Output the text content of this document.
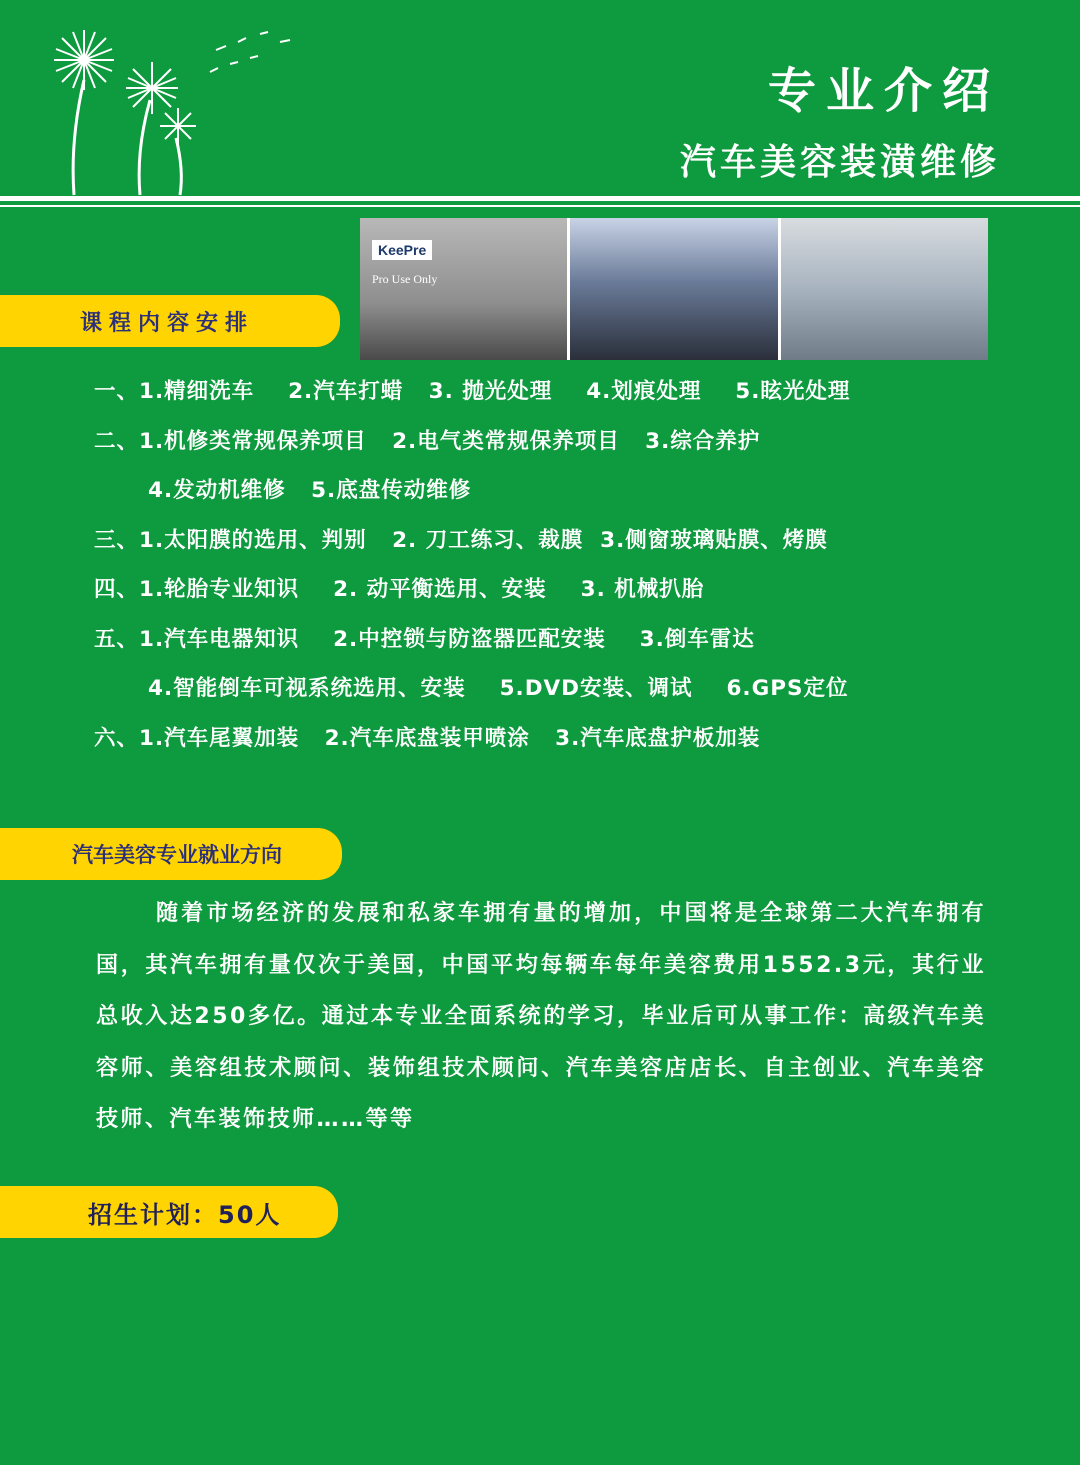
专业介绍
汽车美容装潢维修
KeePre
Pro Use Only
课程内容安排
一、1.精细洗车    2.汽车打蜡   3. 抛光处理    4.划痕处理    5.眩光处理
二、1.机修类常规保养项目   2.电气类常规保养项目   3.综合养护
4.发动机维修   5.底盘传动维修
三、1.太阳膜的选用、判别   2. 刀工练习、裁膜  3.侧窗玻璃贴膜、烤膜
四、1.轮胎专业知识    2. 动平衡选用、安装    3. 机械扒胎
五、1.汽车电器知识    2.中控锁与防盗器匹配安装    3.倒车雷达
4.智能倒车可视系统选用、安装    5.DVD安装、调试    6.GPS定位
六、1.汽车尾翼加装   2.汽车底盘装甲喷涂   3.汽车底盘护板加装
汽车美容专业就业方向
随着市场经济的发展和私家车拥有量的增加，中国将是全球第二大汽车拥有国，其汽车拥有量仅次于美国，中国平均每辆车每年美容费用1552.3元，其行业总收入达250多亿。通过本专业全面系统的学习，毕业后可从事工作：高级汽车美容师、美容组技术顾问、装饰组技术顾问、汽车美容店店长、自主创业、汽车美容技师、汽车装饰技师……等等
招生计划：50人
